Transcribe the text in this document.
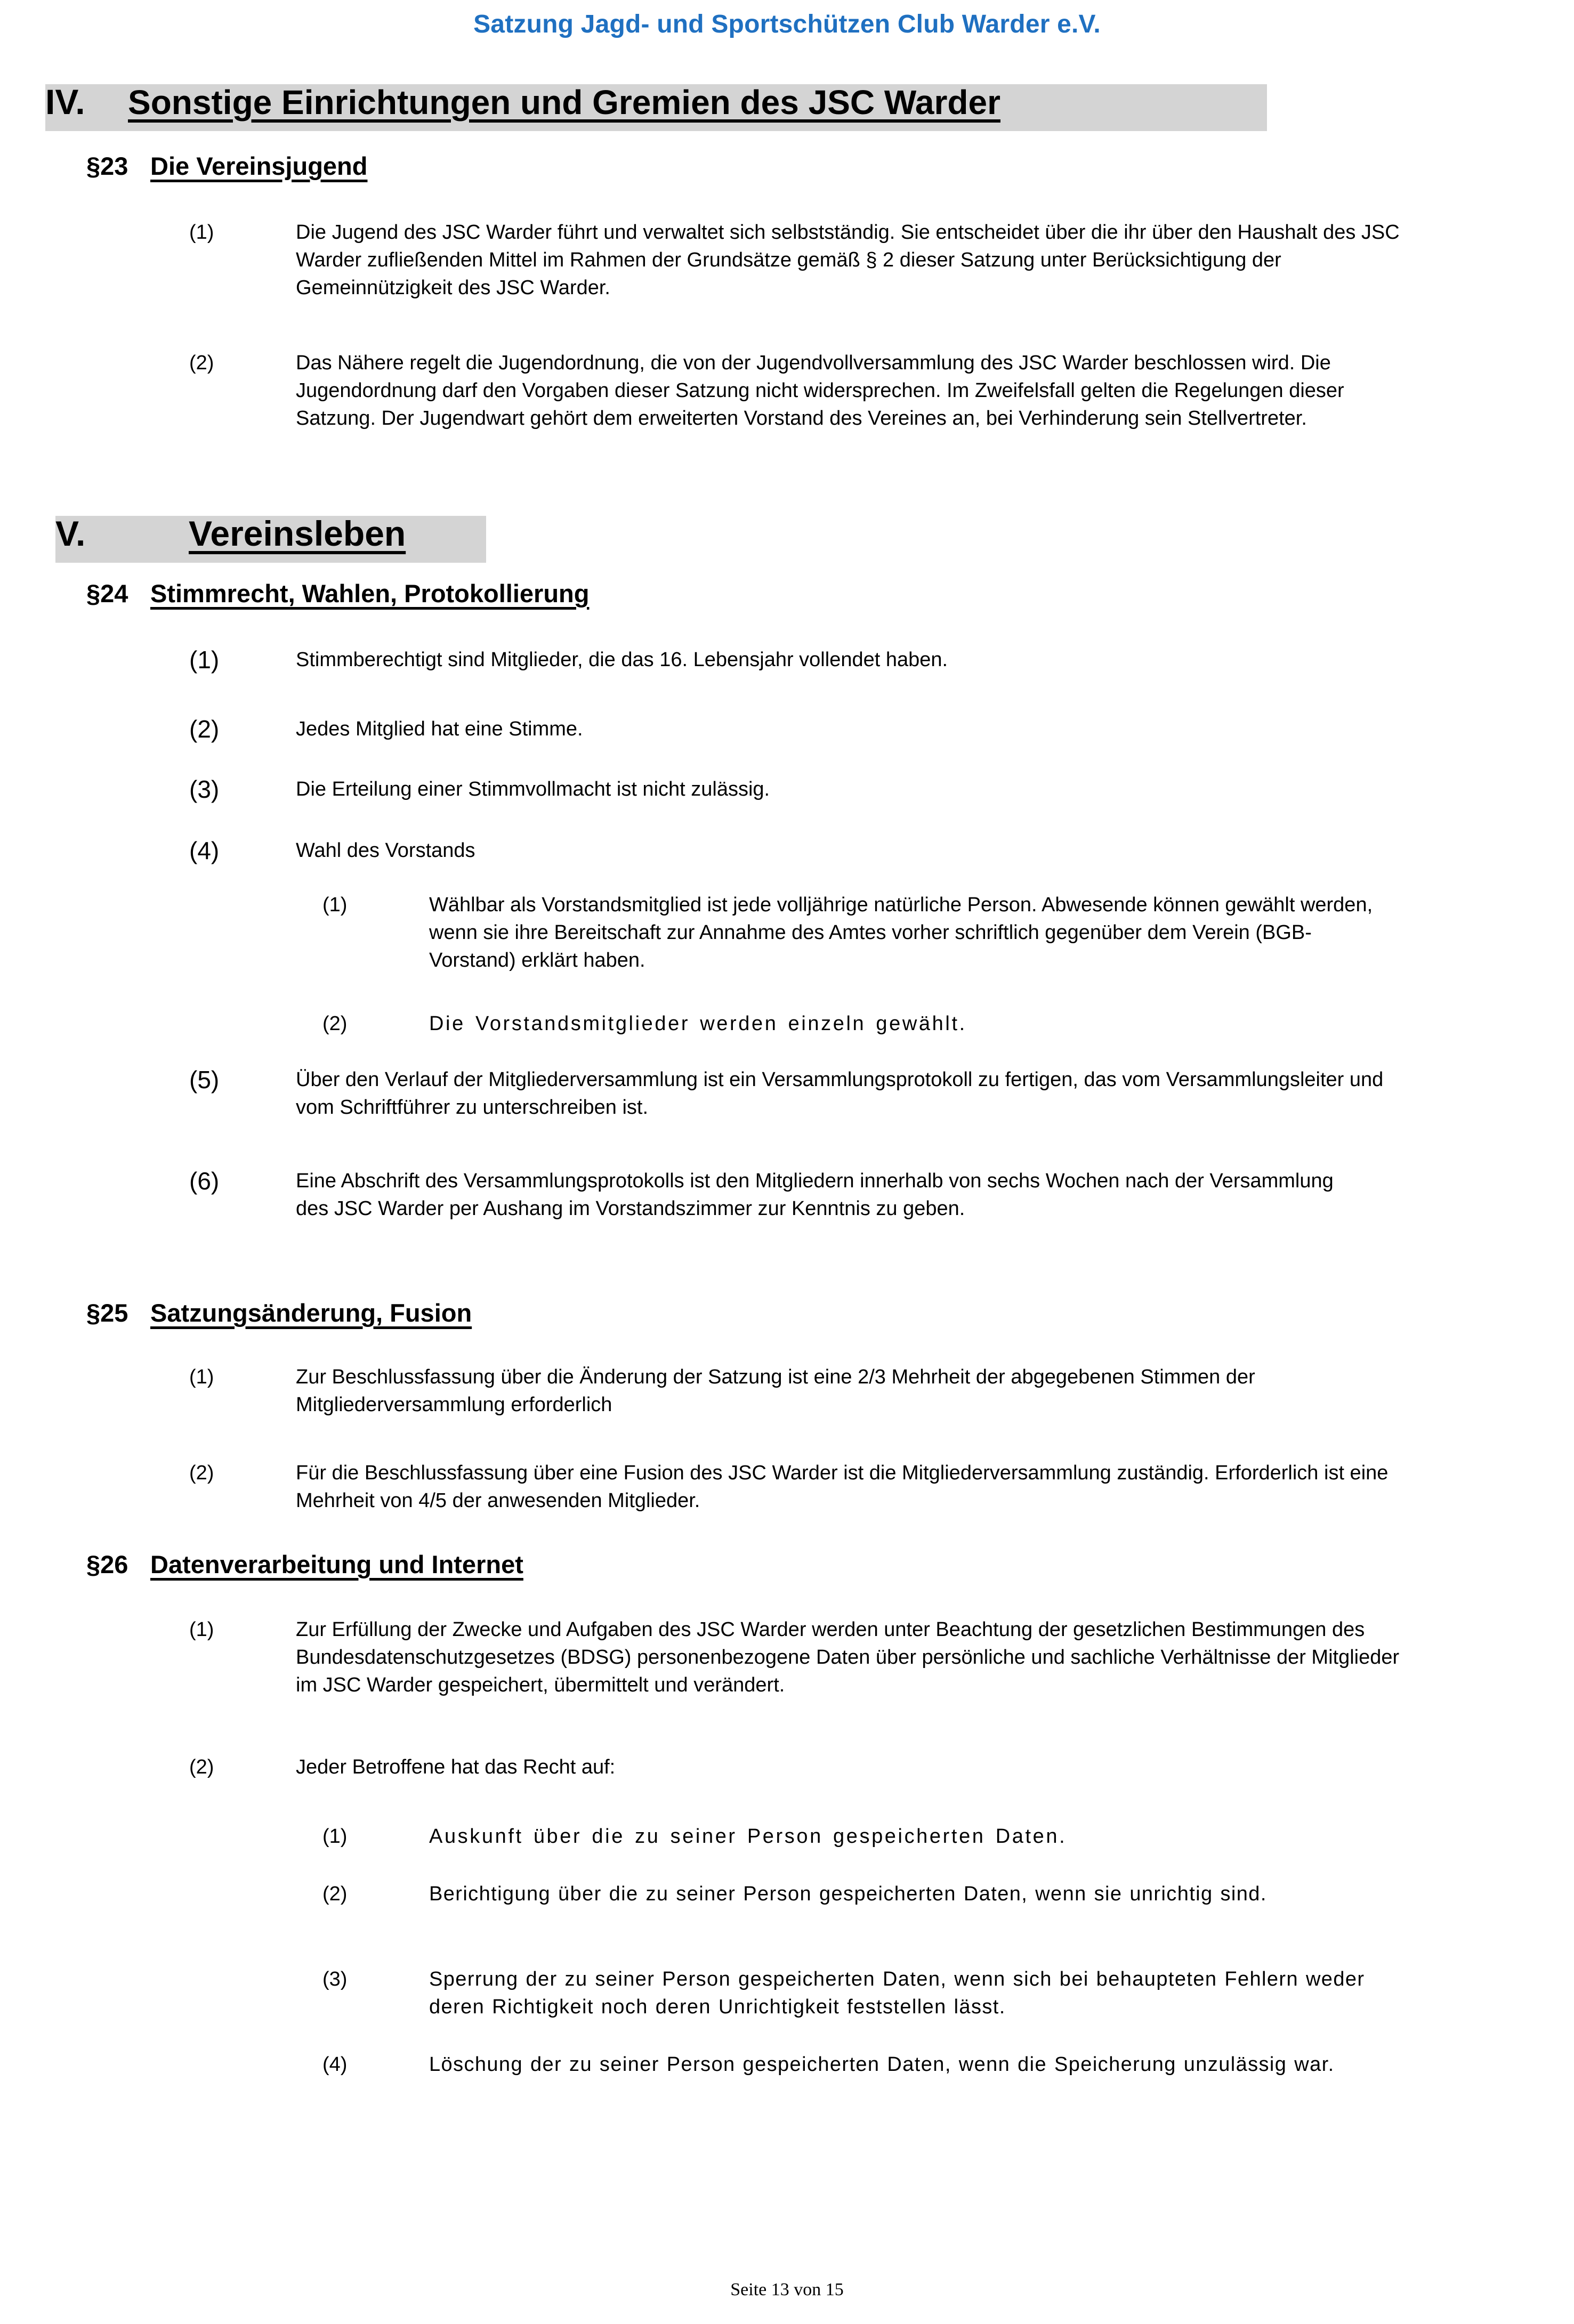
Satzung Jagd- und Sportschützen Club Warder e.V.
IV. Sonstige Einrichtungen und Gremien des JSC Warder
§23 Die Vereinsjugend
(1)	Die Jugend des JSC Warder führt und verwaltet sich selbstständig. Sie entscheidet über die ihr über den Haushalt des JSC Warder zufließenden Mittel im Rahmen der Grundsätze gemäß § 2 dieser Satzung unter Berücksichtigung der Gemeinnützigkeit des JSC Warder.
(2)	Das Nähere regelt die Jugendordnung, die von der Jugendvollversammlung des JSC Warder beschlossen wird. Die Jugendordnung darf den Vorgaben dieser Satzung nicht widersprechen. Im Zweifelsfall gelten die Regelungen dieser Satzung. Der Jugendwart gehört dem erweiterten Vorstand des Vereines an, bei Verhinderung sein Stellvertreter.
V.	Vereinsleben
§24 Stimmrecht, Wahlen, Protokollierung
(1)	Stimmberechtigt sind Mitglieder, die das 16. Lebensjahr vollendet haben.
(2)	Jedes Mitglied hat eine Stimme.
(3)	Die Erteilung einer Stimmvollmacht ist nicht zulässig.
(4)	Wahl des Vorstands
(1)	Wählbar als Vorstandsmitglied ist jede volljährige natürliche Person. Abwesende können gewählt werden, wenn sie ihre Bereitschaft zur Annahme des Amtes vorher schriftlich gegenüber dem Verein (BGB-Vorstand) erklärt haben.
(2)	Die Vorstandsmitglieder werden einzeln gewählt.
(5)	Über den Verlauf der Mitgliederversammlung ist ein Versammlungsprotokoll zu fertigen, das vom Versammlungsleiter und vom Schriftführer zu unterschreiben ist.
(6)	Eine Abschrift des Versammlungsprotokolls ist den Mitgliedern innerhalb von sechs Wochen nach der Versammlung des JSC Warder per Aushang im Vorstandszimmer zur Kenntnis zu geben.
§25 Satzungsänderung, Fusion
(1)	Zur Beschlussfassung über die Änderung der Satzung ist eine 2/3 Mehrheit der abgegebenen Stimmen der Mitgliederversammlung erforderlich
(2)	Für die Beschlussfassung über eine Fusion des JSC Warder ist die Mitgliederversammlung zuständig. Erforderlich ist eine Mehrheit von 4/5 der anwesenden Mitglieder.
§26 Datenverarbeitung und Internet
(1)	Zur Erfüllung der Zwecke und Aufgaben des JSC Warder werden unter Beachtung der gesetzlichen Bestimmungen des Bundesdatenschutzgesetzes (BDSG) personenbezogene Daten über persönliche und sachliche Verhältnisse der Mitglieder im JSC Warder gespeichert, übermittelt und verändert.
(2)	Jeder Betroffene hat das Recht auf:
(1)	Auskunft über die zu seiner Person gespeicherten Daten.
(2)	Berichtigung über die zu seiner Person gespeicherten Daten, wenn sie unrichtig sind.
(3)	Sperrung der zu seiner Person gespeicherten Daten, wenn sich bei behaupteten Fehlern weder deren Richtigkeit noch deren Unrichtigkeit feststellen lässt.
(4)	Löschung der zu seiner Person gespeicherten Daten, wenn die Speicherung unzulässig war.
Seite 13 von 15
